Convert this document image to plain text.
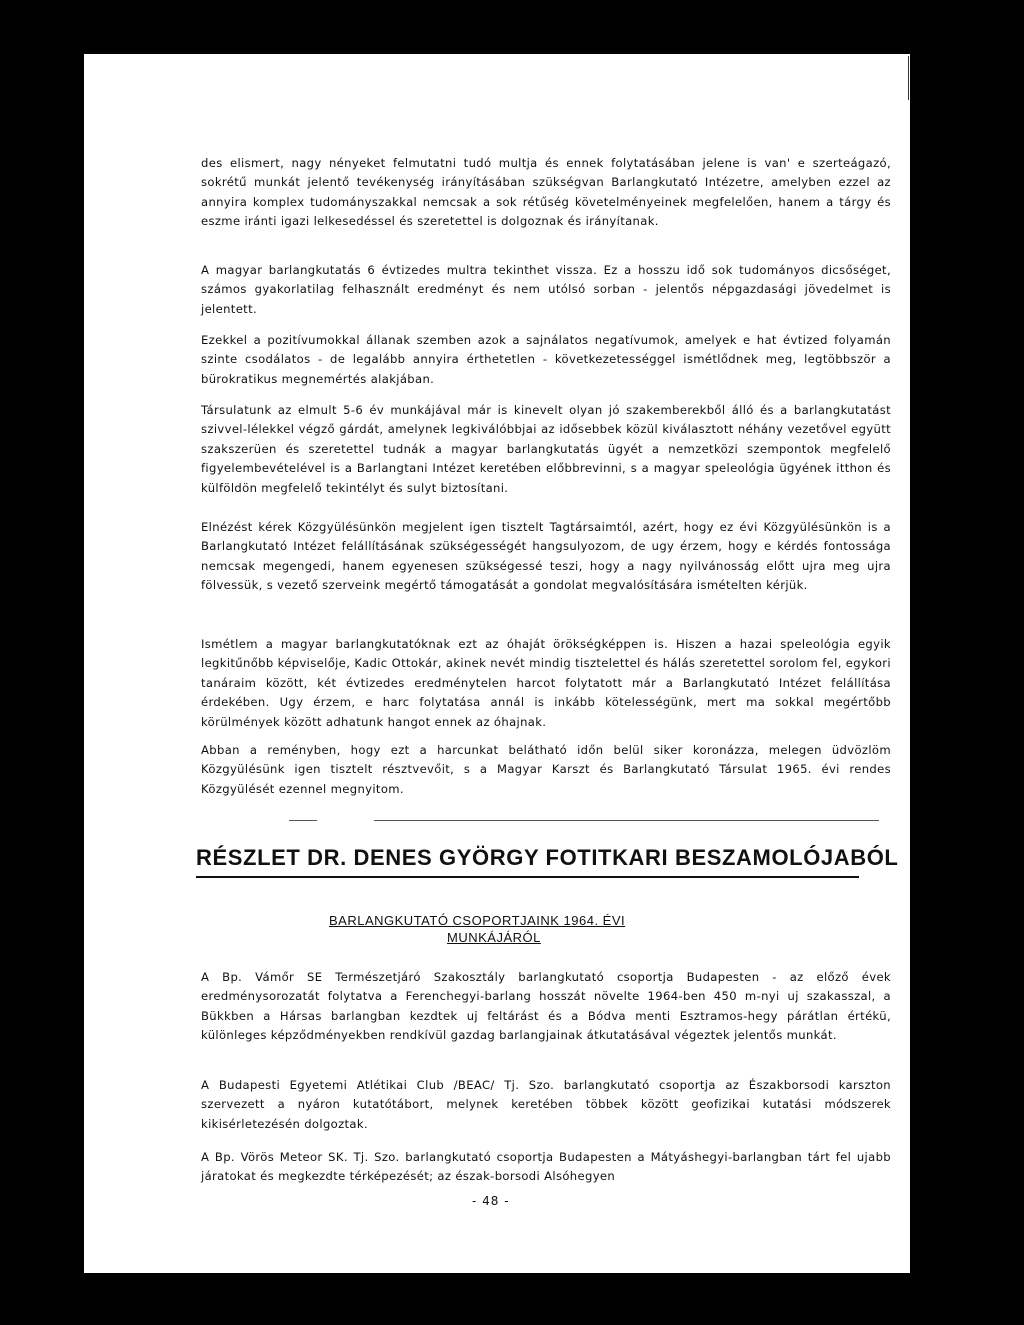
des elismert, nagy nényeket felmutatni tudó multja és ennek folytatásában jelene is van' e szerteágazó, sokrétű munkát jelentő tevékenység irányításában szükségvan Barlangkutató Intézetre, amelyben ezzel az annyira komplex tudományszakkal nemcsak a sok rétűség követelményeinek megfelelően, hanem a tárgy és eszme iránti igazi lelkesedéssel és szeretettel is dolgoznak és irányítanak.

A magyar barlangkutatás 6 évtizedes multra tekinthet vissza. Ez a hosszu idő sok tudományos dicsőséget, számos gyakorlatilag felhasznált eredményt és nem utólsó sorban - jelentős népgazdasági jövedelmet is jelentett.

Ezekkel a pozitívumokkal állanak szemben azok a sajnálatos negatívumok, amelyek e hat évtized folyamán szinte csodálatos - de legalább annyira érthetetlen - következetességgel ismétlődnek meg, legtöbbször a bürokratikus megnemértés alakjában.

Társulatunk az elmult 5-6 év munkájával már is kinevelt olyan jó szakemberekből álló és a barlangkutatást szivvel-lélekkel végző gárdát, amelynek legkiválóbbjai az idősebbek közül kiválasztott néhány vezetővel együtt szakszerüen és szeretettel tudnák a magyar barlangkutatás ügyét a nemzetközi szempontok megfelelő figyelembevételével is a Barlangtani Intézet keretében előbbrevinni, s a magyar speleológia ügyének itthon és külföldön megfelelő tekintélyt és sulyt biztosítani.

Elnézést kérek Közgyülésünkön megjelent igen tisztelt Tagtársaimtól, azért, hogy ez évi Közgyülésünkön is a Barlangkutató Intézet felállításának szükségességét hangsulyozom, de ugy érzem, hogy e kérdés fontossága nemcsak megengedi, hanem egyenesen szükségessé teszi, hogy a nagy nyilvánosság előtt ujra meg ujra fölvessük, s vezető szerveink megértő támogatását a gondolat megvalósítására ismételten kérjük.

Ismétlem a magyar barlangkutatóknak ezt az óhaját örökségképpen is. Hiszen a hazai speleológia egyik legkitűnőbb képviselője, Kadic Ottokár, akinek nevét mindig tisztelettel és hálás szeretettel sorolom fel, egykori tanáraim között, két évtizedes eredménytelen harcot folytatott már a Barlangkutató Intézet felállítása érdekében. Ugy érzem, e harc folytatása annál is inkább kötelességünk, mert ma sokkal megértőbb körülmények között adhatunk hangot ennek az óhajnak.

Abban a reményben, hogy ezt a harcunkat belátható időn belül siker koronázza, melegen üdvözlöm Közgyülésünk igen tisztelt résztvevőit, s a Magyar Karszt és Barlangkutató Társulat 1965. évi rendes Közgyülését ezennel megnyitom.

RÉSZLET DR. DENES GYÖRGY FOTITKARI BESZAMOLÓJABÓL

BARLANGKUTATÓ CSOPORTJAINK 1964. ÉVI
MUNKÁJÁRÓL

A Bp. Vámőr SE Természetjáró Szakosztály barlangkutató csoportja Budapesten - az előző évek eredménysorozatát folytatva a Ferenchegyi-barlang hosszát növelte 1964-ben 450 m-nyi uj szakasszal, a Bükkben a Hársas barlangban kezdtek uj feltárást és a Bódva menti Esztramos-hegy párátlan értékü, különleges képződményekben rendkívül gazdag barlangjainak átkutatásával végeztek jelentős munkát.

A Budapesti Egyetemi Atlétikai Club /BEAC/ Tj. Szo. barlangkutató csoportja az Északborsodi karszton szervezett a nyáron kutatótábort, melynek keretében többek között geofizikai kutatási módszerek kikisérletezésén dolgoztak.

A Bp. Vörös Meteor SK. Tj. Szo. barlangkutató csoportja Budapesten a Mátyáshegyi-barlangban tárt fel ujabb járatokat és megkezdte térképezését; az észak-borsodi Alsóhegyen

- 48 -
